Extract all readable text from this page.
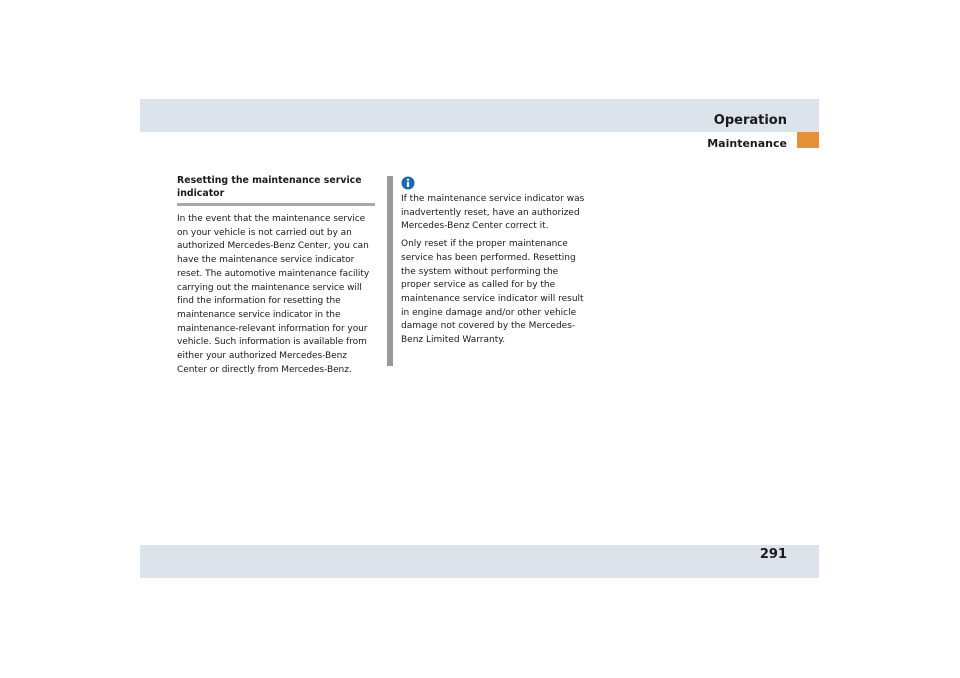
Operation
Maintenance
Resetting the maintenance service indicator

In the event that the maintenance service on your vehicle is not carried out by an authorized Mercedes-Benz Center, you can have the maintenance service indicator reset. The automotive maintenance facility carrying out the maintenance service will find the information for resetting the maintenance service indicator in the maintenance-relevant information for your vehicle. Such information is available from either your authorized Mercedes-Benz Center or directly from Mercedes-Benz.

If the maintenance service indicator was inadvertently reset, have an authorized Mercedes-Benz Center correct it.

Only reset if the proper maintenance service has been performed. Resetting the system without performing the proper service as called for by the maintenance service indicator will result in engine damage and/or other vehicle damage not covered by the Mercedes-Benz Limited Warranty.

291
